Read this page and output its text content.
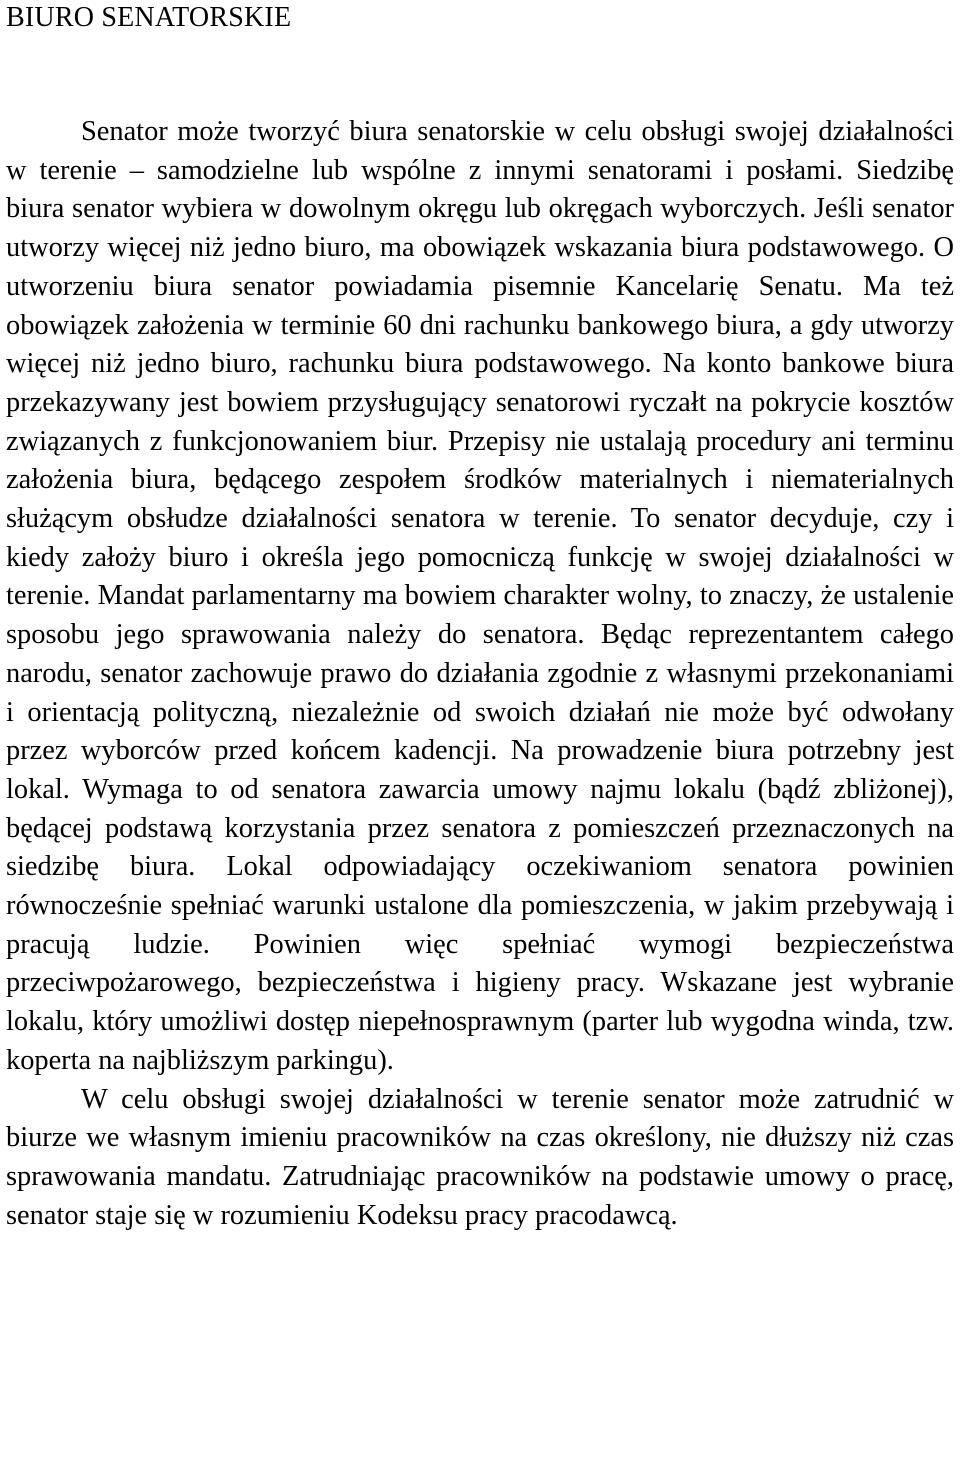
BIURO SENATORSKIE

Senator może tworzyć biura senatorskie w celu obsługi swojej działalności w terenie – samodzielne lub wspólne z innymi senatorami i posłami. Siedzibę biura senator wybiera w dowolnym okręgu lub okręgach wyborczych. Jeśli senator utworzy więcej niż jedno biuro, ma obowiązek wskazania biura podstawowego. O utworzeniu biura senator powiadamia pisemnie Kancelarię Senatu. Ma też obowiązek założenia w terminie 60 dni rachunku bankowego biura, a gdy utworzy więcej niż jedno biuro, rachunku biura podstawowego. Na konto bankowe biura przekazywany jest bowiem przysługujący senatorowi ryczałt na pokrycie kosztów związanych z funkcjonowaniem biur. Przepisy nie ustalają procedury ani terminu założenia biura, będącego zespołem środków materialnych i niematerialnych służącym obsłudze działalności senatora w terenie. To senator decyduje, czy i kiedy założy biuro i określa jego pomocniczą funkcję w swojej działalności w terenie. Mandat parlamentarny ma bowiem charakter wolny, to znaczy, że ustalenie sposobu jego sprawowania należy do senatora. Będąc reprezentantem całego narodu, senator zachowuje prawo do działania zgodnie z własnymi przekonaniami i orientacją polityczną, niezależnie od swoich działań nie może być odwołany przez wyborców przed końcem kadencji. Na prowadzenie biura potrzebny jest lokal. Wymaga to od senatora zawarcia umowy najmu lokalu (bądź zbliżonej), będącej podstawą korzystania przez senatora z pomieszczeń przeznaczonych na siedzibę biura. Lokal odpowiadający oczekiwaniom senatora powinien równocześnie spełniać warunki ustalone dla pomieszczenia, w jakim przebywają i pracują ludzie. Powinien więc spełniać wymogi bezpieczeństwa przeciwpożarowego, bezpieczeństwa i higieny pracy. Wskazane jest wybranie lokalu, który umożliwi dostęp niepełnosprawnym (parter lub wygodna winda, tzw. koperta na najbliższym parkingu).

W celu obsługi swojej działalności w terenie senator może zatrudnić w biurze we własnym imieniu pracowników na czas określony, nie dłuższy niż czas sprawowania mandatu. Zatrudniając pracowników na podstawie umowy o pracę, senator staje się w rozumieniu Kodeksu pracy pracodawcą.
